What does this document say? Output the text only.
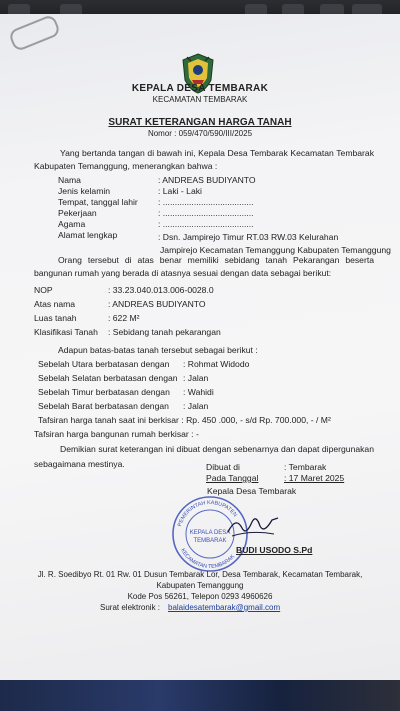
KEPALA DESA TEMBARAK
KECAMATAN TEMBARAK
SURAT KETERANGAN HARGA TANAH
Nomor : 059/470/590/III/2025
Yang bertanda tangan di bawah ini, Kepala Desa Tembarak Kecamatan Tembarak Kabupaten Temanggung, menerangkan bahwa :
Nama	: ANDREAS BUDIYANTO
Jenis kelamin	: Laki - Laki
Tempat, tanggal lahir : ......................................
Pekerjaan	: ......................................
Agama	: ......................................
Alamat lengkap	: Dsn. Jampirejo Timur RT.03 RW.03 Kelurahan
Jampirejo Kecamatan Temanggung Kabupaten Temanggung
Orang tersebut di atas benar memiliki sebidang tanah Pekarangan beserta bangunan rumah yang berada di atasnya sesuai dengan data sebagai berikut:
NOP	: 33.23.040.013.006-0028.0
Atas nama	: ANDREAS BUDIYANTO
Luas tanah	: 622 M²
Klasifikasi Tanah : Sebidang tanah pekarangan
Adapun batas-batas tanah tersebut sebagai berikut :
Sebelah Utara berbatasan dengan : Rohmat Widodo
Sebelah Selatan berbatasan dengan : Jalan
Sebelah Timur berbatasan dengan : Wahidi
Sebelah Barat berbatasan dengan : Jalan
Tafsiran harga tanah saat ini berkisar : Rp. 450 .000, - s/d Rp. 700.000, - / M²
Tafsiran harga bangunan rumah berkisar : -
Demikian surat keterangan ini dibuat dengan sebenarnya dan dapat dipergunakan sebagaimana mestinya.	Dibuat di	: Tembarak
Pada Tanggal	: 17 Maret 2025
Kepala Desa Tembarak
PEMERINTAH KABUPATEN
KECAMATAN TEMBARAK
KEPALA DESA
TEMBARAK
BUDI USODO S.Pd
Jl. R. Soedibyo Rt. 01 Rw. 01 Dusun Tembarak Lor, Desa Tembarak, Kecamatan Tembarak,
Kabupaten Temanggung
Kode Pos 56261, Telepon 0293 4960626
Surat elektronik : balaidesatembarak@gmail.com
